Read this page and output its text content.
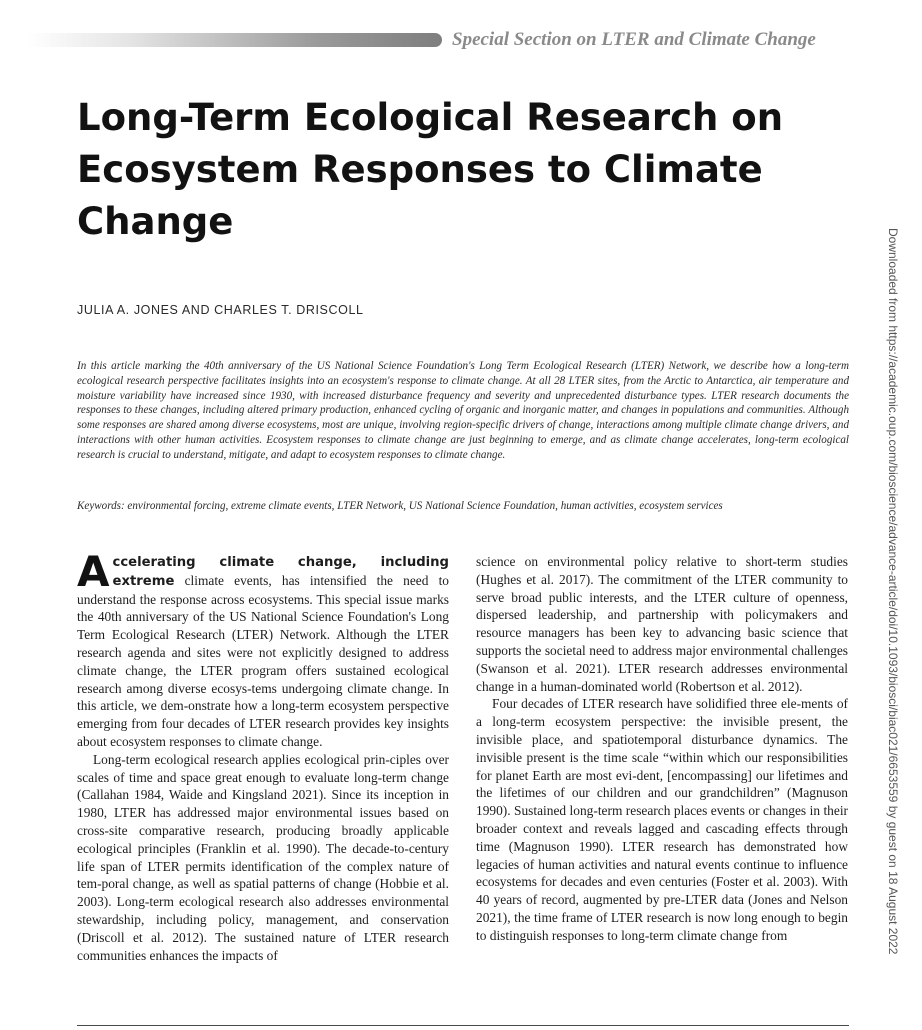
Special Section on LTER and Climate Change
Long-Term Ecological Research on Ecosystem Responses to Climate Change
JULIA A. JONES AND CHARLES T. DRISCOLL

In this article marking the 40th anniversary of the US National Science Foundation's Long Term Ecological Research (LTER) Network, we describe how a long-term ecological research perspective facilitates insights into an ecosystem's response to climate change. At all 28 LTER sites, from the Arctic to Antarctica, air temperature and moisture variability have increased since 1930, with increased disturbance frequency and severity and unprecedented disturbance types. LTER research documents the responses to these changes, including altered primary production, enhanced cycling of organic and inorganic matter, and changes in populations and communities. Although some responses are shared among diverse ecosystems, most are unique, involving region-specific drivers of change, interactions among multiple climate change drivers, and interactions with other human activities. Ecosystem responses to climate change are just beginning to emerge, and as climate change accelerates, long-term ecological research is crucial to understand, mitigate, and adapt to ecosystem responses to climate change.

Keywords: environmental forcing, extreme climate events, LTER Network, US National Science Foundation, human activities, ecosystem services

Accelerating climate change, including extreme climate events, has intensified the need to understand the response across ecosystems. This special issue marks the 40th anniversary of the US National Science Foundation's Long Term Ecological Research (LTER) Network. Although the LTER research agenda and sites were not explicitly designed to address climate change, the LTER program offers sustained ecological research among diverse ecosys-tems undergoing climate change. In this article, we dem-onstrate how a long-term ecosystem perspective emerging from four decades of LTER research provides key insights about ecosystem responses to climate change.

Long-term ecological research applies ecological prin-ciples over scales of time and space great enough to evaluate long-term change (Callahan 1984, Waide and Kingsland 2021). Since its inception in 1980, LTER has addressed major environmental issues based on cross-site comparative research, producing broadly applicable ecological principles (Franklin et al. 1990). The decade-to-century life span of LTER permits identification of the complex nature of tem-poral change, as well as spatial patterns of change (Hobbie et al. 2003). Long-term ecological research also addresses environmental stewardship, including policy, management, and conservation (Driscoll et al. 2012). The sustained nature of LTER research communities enhances the impacts of

science on environmental policy relative to short-term studies (Hughes et al. 2017). The commitment of the LTER community to serve broad public interests, and the LTER culture of openness, dispersed leadership, and partnership with policymakers and resource managers has been key to advancing basic science that supports the societal need to address major environmental challenges (Swanson et al. 2021). LTER research addresses environmental change in a human-dominated world (Robertson et al. 2012).

Four decades of LTER research have solidified three ele-ments of a long-term ecosystem perspective: the invisible present, the invisible place, and spatiotemporal disturbance dynamics. The invisible present is the time scale “within which our responsibilities for planet Earth are most evi-dent, [encompassing] our lifetimes and the lifetimes of our children and our grandchildren” (Magnuson 1990). Sustained long-term research places events or changes in their broader context and reveals lagged and cascading effects through time (Magnuson 1990). LTER research has demonstrated how legacies of human activities and natural events continue to influence ecosystems for decades and even centuries (Foster et al. 2003). With 40 years of record, augmented by pre-LTER data (Jones and Nelson 2021), the time frame of LTER research is now long enough to begin to distinguish responses to long-term climate change from	Downloaded from https://academic.oup.com/bioscience/advance-article/doi/10.1093/biosci/biac021/6653559 by guest on 18 August 2022
